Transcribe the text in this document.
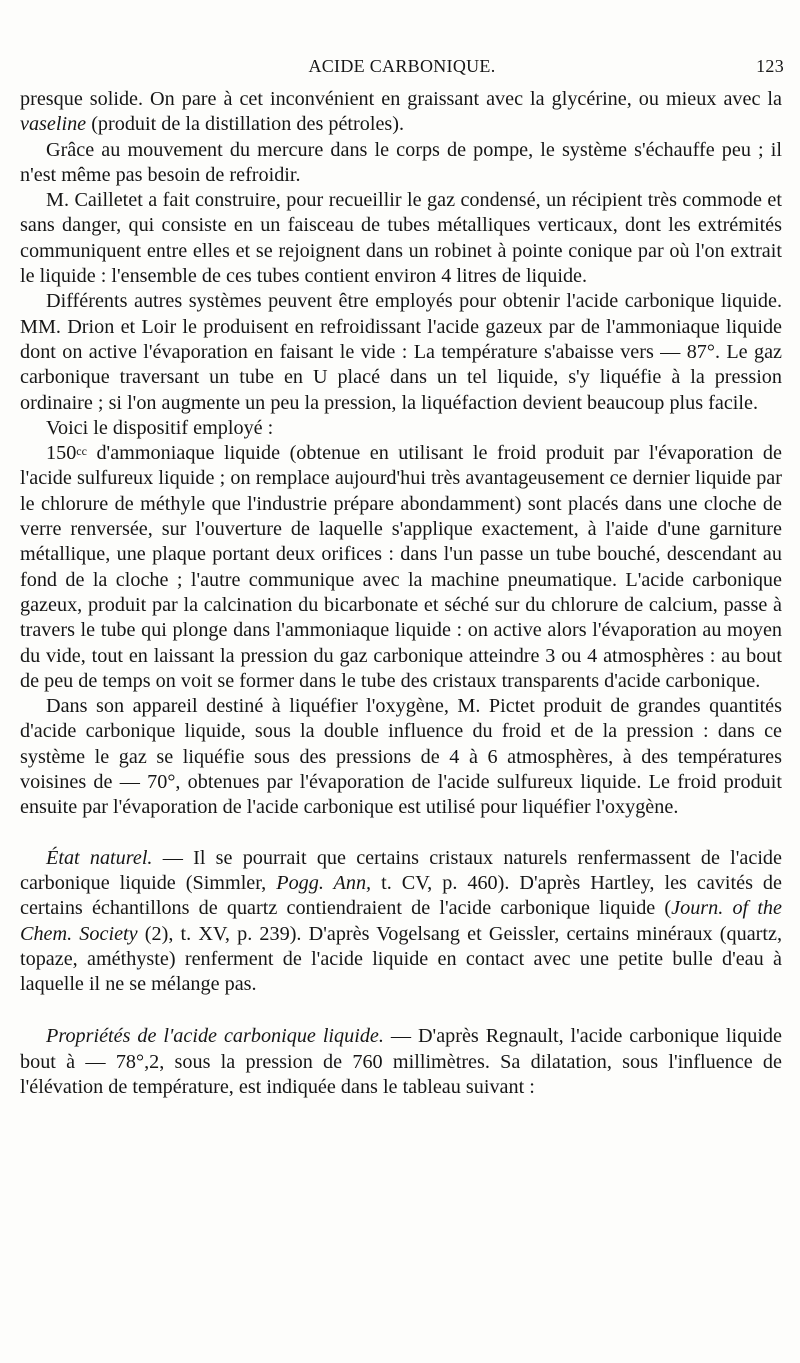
ACIDE CARBONIQUE.	123

presque solide. On pare à cet inconvénient en graissant avec la glycérine, ou mieux avec la vaseline (produit de la distillation des pétroles).

Grâce au mouvement du mercure dans le corps de pompe, le système s'échauffe peu ; il n'est même pas besoin de refroidir.

M. Cailletet a fait construire, pour recueillir le gaz condensé, un récipient très commode et sans danger, qui consiste en un faisceau de tubes métalliques verticaux, dont les extrémités communiquent entre elles et se rejoignent dans un robinet à pointe conique par où l'on extrait le liquide : l'ensemble de ces tubes contient environ 4 litres de liquide.

Différents autres systèmes peuvent être employés pour obtenir l'acide carbonique liquide. MM. Drion et Loir le produisent en refroidissant l'acide gazeux par de l'ammoniaque liquide dont on active l'évaporation en faisant le vide : La température s'abaisse vers — 87°. Le gaz carbonique traversant un tube en U placé dans un tel liquide, s'y liquéfie à la pression ordinaire ; si l'on augmente un peu la pression, la liquéfaction devient beaucoup plus facile.

Voici le dispositif employé :

$150^{cc}$ d'ammoniaque liquide (obtenue en utilisant le froid produit par l'évaporation de l'acide sulfureux liquide ; on remplace aujourd'hui très avantageusement ce dernier liquide par le chlorure de méthyle que l'industrie prépare abondamment) sont placés dans une cloche de verre renversée, sur l'ouverture de laquelle s'applique exactement, à l'aide d'une garniture métallique, une plaque portant deux orifices : dans l'un passe un tube bouché, descendant au fond de la cloche ; l'autre communique avec la machine pneumatique. L'acide carbonique gazeux, produit par la calcination du bicarbonate et séché sur du chlorure de calcium, passe à travers le tube qui plonge dans l'ammoniaque liquide : on active alors l'évaporation au moyen du vide, tout en laissant la pression du gaz carbonique atteindre 3 ou 4 atmosphères : au bout de peu de temps on voit se former dans le tube des cristaux transparents d'acide carbonique.

Dans son appareil destiné à liquéfier l'oxygène, M. Pictet produit de grandes quantités d'acide carbonique liquide, sous la double influence du froid et de la pression : dans ce système le gaz se liquéfie sous des pressions de 4 à 6 atmosphères, à des températures voisines de — 70°, obtenues par l'évaporation de l'acide sulfureux liquide. Le froid produit ensuite par l'évaporation de l'acide carbonique est utilisé pour liquéfier l'oxygène.

État naturel. — Il se pourrait que certains cristaux naturels renfermassent de l'acide carbonique liquide (Simmler, Pogg. Ann, t. CV, p. 460). D'après Hartley, les cavités de certains échantillons de quartz contiendraient de l'acide carbonique liquide (Journ. of the Chem. Society (2), t. XV, p. 239). D'après Vogelsang et Geissler, certains minéraux (quartz, topaze, améthyste) renferment de l'acide liquide en contact avec une petite bulle d'eau à laquelle il ne se mélange pas.

Propriétés de l'acide carbonique liquide. — D'après Regnault, l'acide carbonique liquide bout à — 78°,2, sous la pression de 760 millimètres. Sa dilatation, sous l'influence de l'élévation de température, est indiquée dans le tableau suivant :
